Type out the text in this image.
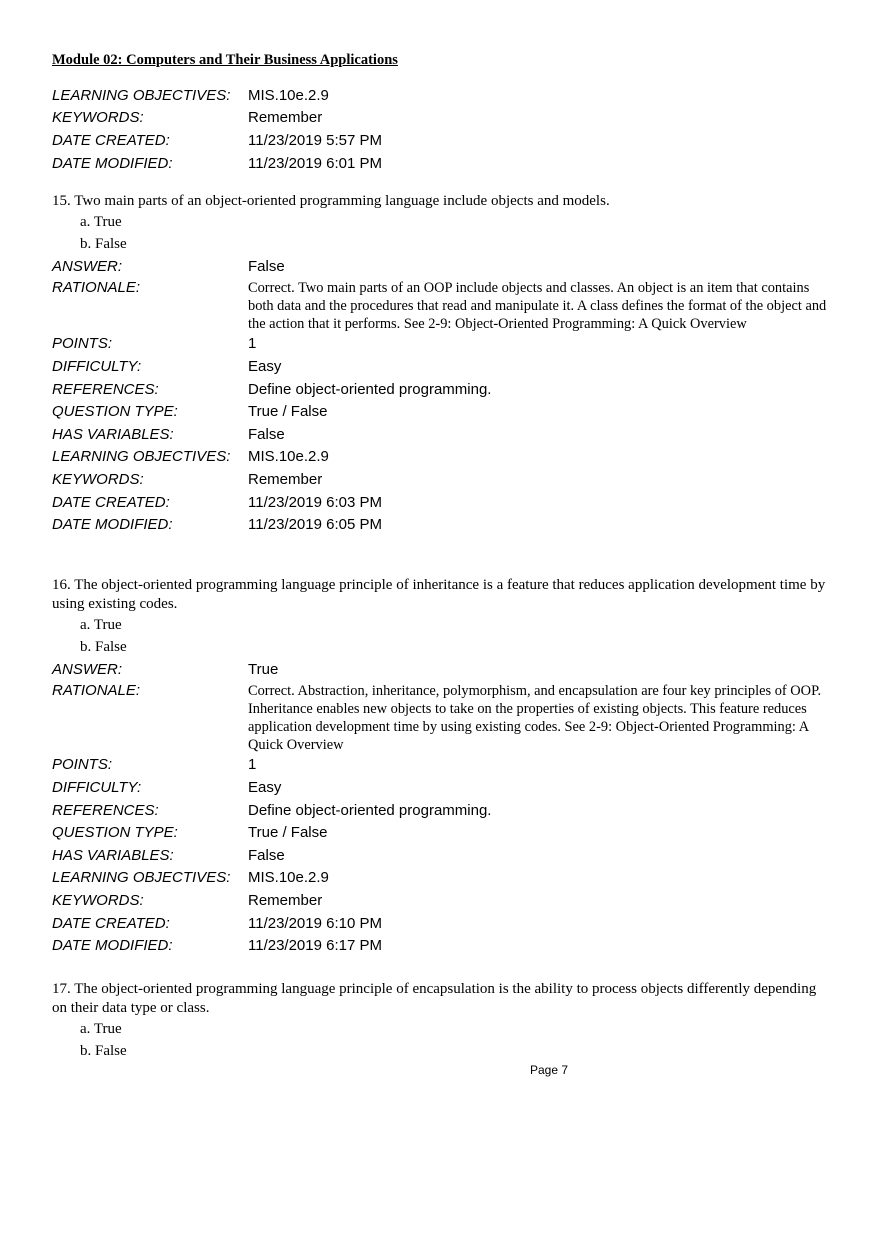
Module 02: Computers and Their Business Applications
LEARNING OBJECTIVES:	MIS.10e.2.9
KEYWORDS:	Remember
DATE CREATED:	11/23/2019 5:57 PM
DATE MODIFIED:	11/23/2019 6:01 PM

15. Two main parts of an object-oriented programming language include objects and models.

a. True
b. False
ANSWER:	False
RATIONALE:	Correct. Two main parts of an OOP include objects and classes. An object is an item that contains both data and the procedures that read and manipulate it. A class defines the format of the object and the action that it performs. See 2-9: Object-Oriented Programming: A Quick Overview
POINTS:	1
DIFFICULTY:	Easy
REFERENCES:	Define object-oriented programming.
QUESTION TYPE:	True / False
HAS VARIABLES:	False
LEARNING OBJECTIVES:	MIS.10e.2.9
KEYWORDS:	Remember
DATE CREATED:	11/23/2019 6:03 PM
DATE MODIFIED:	11/23/2019 6:05 PM

16. The object-oriented programming language principle of inheritance is a feature that reduces application development time by using existing codes.

a. True
b. False
ANSWER:	True
RATIONALE:	Correct. Abstraction, inheritance, polymorphism, and encapsulation are four key principles of OOP. Inheritance enables new objects to take on the properties of existing objects. This feature reduces application development time by using existing codes. See 2-9: Object-Oriented Programming: A Quick Overview
POINTS:	1
DIFFICULTY:	Easy
REFERENCES:	Define object-oriented programming.
QUESTION TYPE:	True / False
HAS VARIABLES:	False
LEARNING OBJECTIVES:	MIS.10e.2.9
KEYWORDS:	Remember
DATE CREATED:	11/23/2019 6:10 PM
DATE MODIFIED:	11/23/2019 6:17 PM

17. The object-oriented programming language principle of encapsulation is the ability to process objects differently depending on their data type or class.

a. True
b. False
Page 7
